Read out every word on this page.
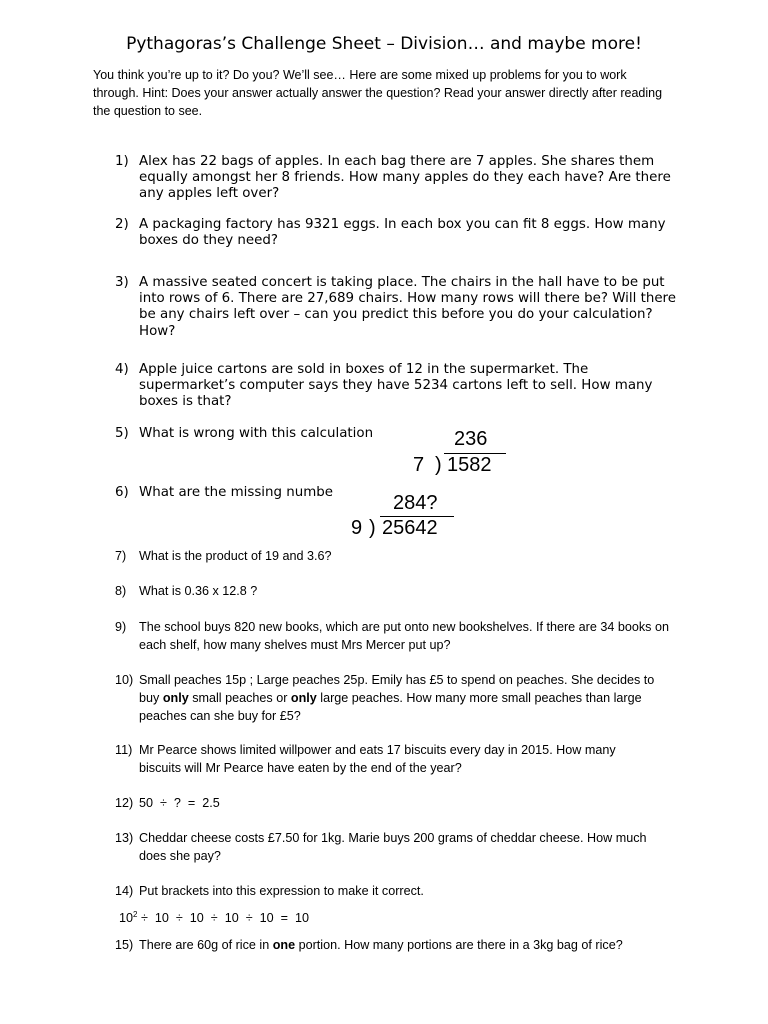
Pythagoras’s Challenge Sheet – Division… and maybe more!
You think you’re up to it? Do you? We’ll see… Here are some mixed up problems for you to work through. Hint: Does your answer actually answer the question? Read your answer directly after reading the question to see.
1) Alex has 22 bags of apples. In each bag there are 7 apples. She shares them equally amongst her 8 friends. How many apples do they each have? Are there any apples left over?
2) A packaging factory has 9321 eggs. In each box you can fit 8 eggs. How many boxes do they need?
3) A massive seated concert is taking place. The chairs in the hall have to be put into rows of 6. There are 27,689 chairs. How many rows will there be? Will there be any chairs left over – can you predict this before you do your calculation? How?
4) Apple juice cartons are sold in boxes of 12 in the supermarket. The supermarket’s computer says they have 5234 cartons left to sell. How many boxes is that?
5) What is wrong with this calculation	236
7 ) 1582
6) What are the missing numbe	284?
9 ) 25642
7)	What is the product of 19 and 3.6?
8)	What is 0.36 x 12.8 ?
9)	The school buys 820 new books, which are put onto new bookshelves. If there are 34 books on each shelf, how many shelves must Mrs Mercer put up?
10) Small peaches 15p ; Large peaches 25p. Emily has £5 to spend on peaches. She decides to buy only small peaches or only large peaches. How many more small peaches than large peaches can she buy for £5?
11) Mr Pearce shows limited willpower and eats 17 biscuits every day in 2015. How many biscuits will Mr Pearce have eaten by the end of the year?
12) 50  ÷  ?  =  2.5
13) Cheddar cheese costs £7.50 for 1kg. Marie buys 200 grams of cheddar cheese. How much does she pay?
14) Put brackets into this expression to make it correct.
$10^2 \div 10 \div 10 \div 10 \div 10 = 10$
15) There are 60g of rice in one portion. How many portions are there in a 3kg bag of rice?
